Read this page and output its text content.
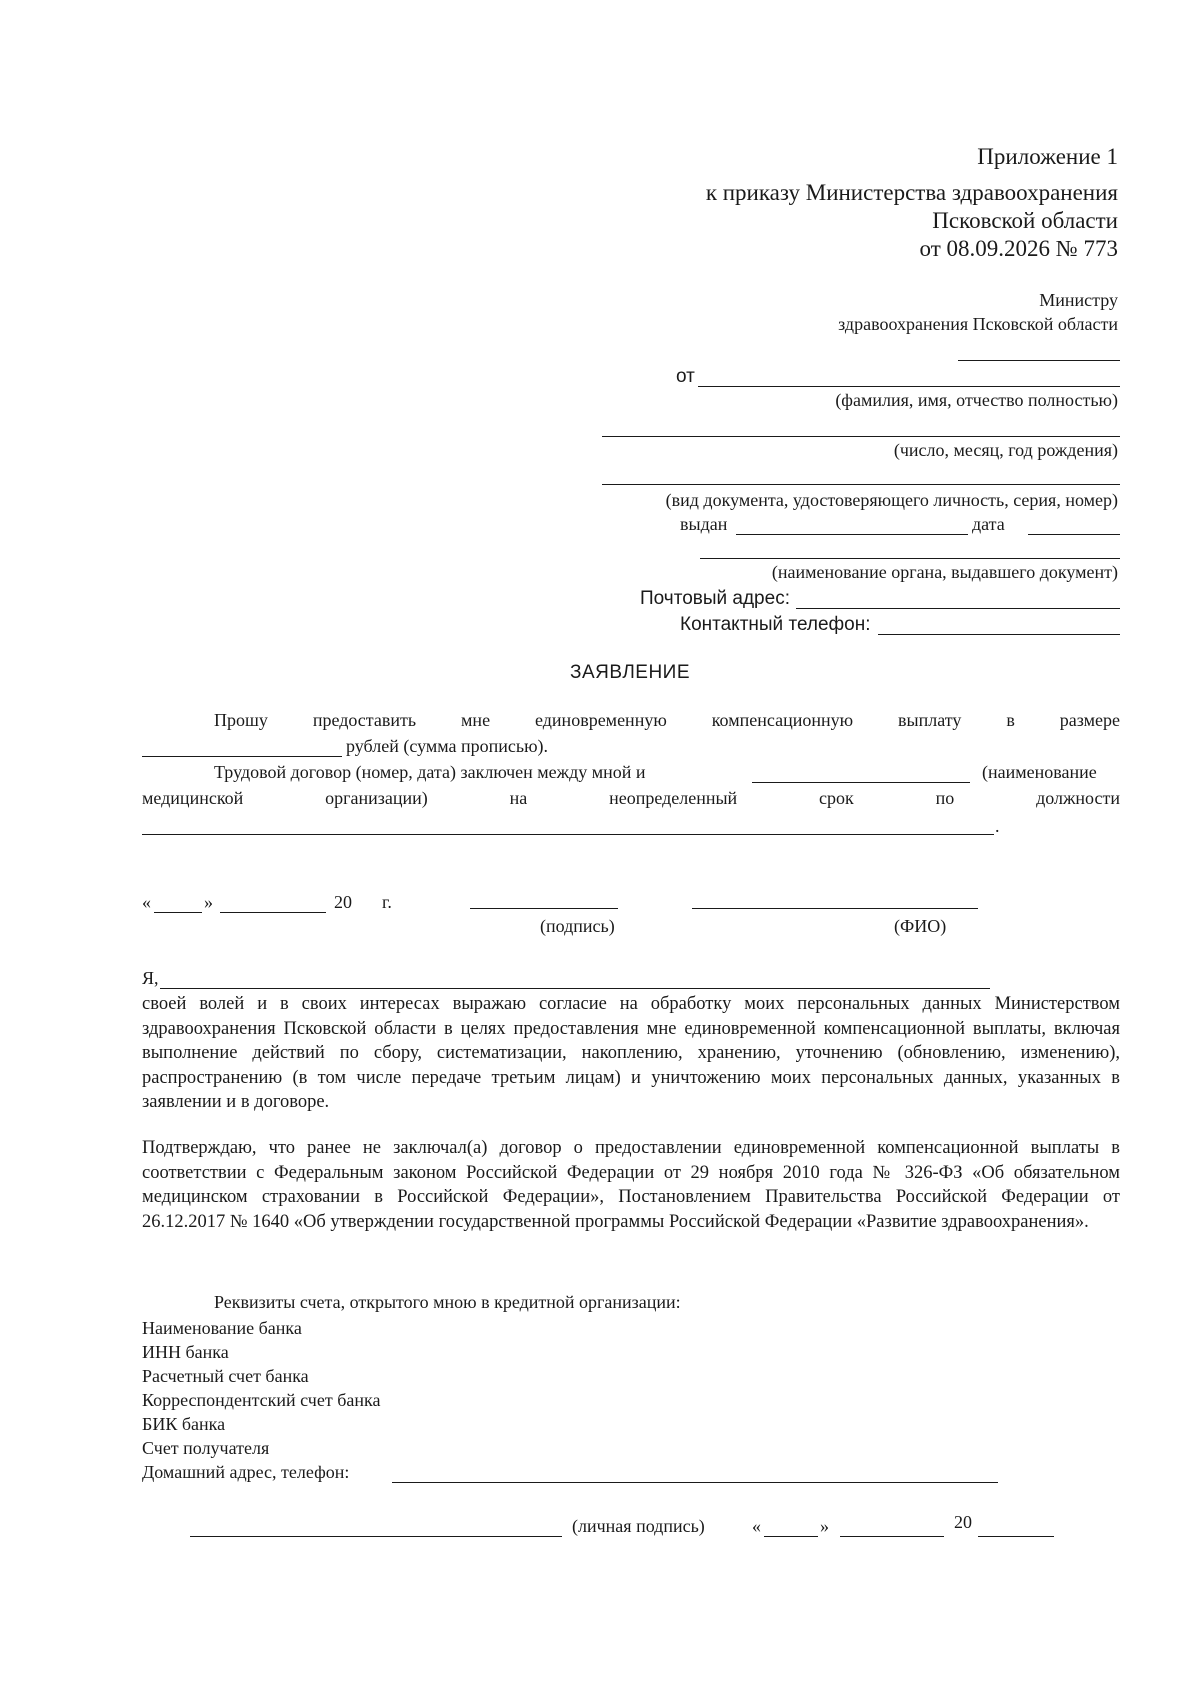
Приложение 1
к приказу Министерства здравоохранения
Псковской области
от 08.09.2026 № 773
Министру
здравоохранения Псковской области
от
(фамилия, имя, отчество полностью)
(число, месяц, год рождения)
(вид документа, удостоверяющего личность, серия, номер)
выдан	дата
(наименование органа, выдавшего документ)
Почтовый адрес:
Контактный телефон:
ЗАЯВЛЕНИЕ
Прошу предоставить мне единовременную компенсационную выплату в размере
рублей (сумма прописью).
Трудовой договор (номер, дата) заключен между мной и	(наименование
медицинской организации) на неопределенный срок по должности
.
«	»	20 г.
(подпись)	(ФИО)
Я,
своей волей и в своих интересах выражаю согласие на обработку моих персональных данных Министерством здравоохранения Псковской области в целях предоставления мне единовременной компенсационной выплаты, включая выполнение действий по сбору, систематизации, накоплению, хранению, уточнению (обновлению, изменению), распространению (в том числе передаче третьим лицам) и уничтожению моих персональных данных, указанных в заявлении и в договоре.
Подтверждаю, что ранее не заключал(а) договор о предоставлении единовременной компенсационной выплаты в соответствии с Федеральным законом Российской Федерации от 29 ноября 2010 года № 326-ФЗ «Об обязательном медицинском страховании в Российской Федерации», Постановлением Правительства Российской Федерации от 26.12.2017 № 1640 «Об утверждении государственной программы Российской Федерации «Развитие здравоохранения».
Реквизиты счета, открытого мною в кредитной организации:
Наименование банка
ИНН банка
Расчетный счет банка
Корреспондентский счет банка
БИК банка
Счет получателя
Домашний адрес, телефон:
(личная подпись)	«	»	20
